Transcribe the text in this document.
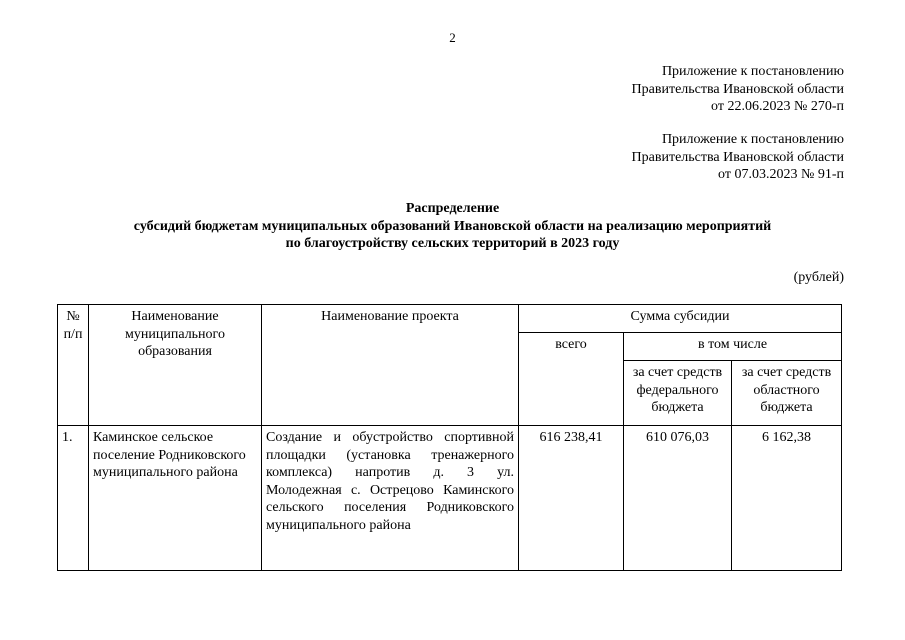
2
Приложение к постановлению
Правительства Ивановской области
от 22.06.2023 № 270-п
Приложение к постановлению
Правительства Ивановской области
от 07.03.2023 № 91-п
Распределение
субсидий бюджетам муниципальных образований Ивановской области на реализацию мероприятий
по благоустройству сельских территорий в 2023 году
(рублей)
№ п/п	Наименование муниципального образования	Наименование проекта	Сумма субсидии		
			всего	в том числе	
				за счет средств федерального бюджета	за счет средств областного бюджета
1.	Каминское сельское поселение Родниковского муниципального района	Создание и обустройство спортивной площадки (установка тренажерного комплекса) напротив д. 3 ул. Молодежная с. Острецово Каминского сельского поселения Родниковского муниципального района	616 238,41	610 076,03	6 162,38
